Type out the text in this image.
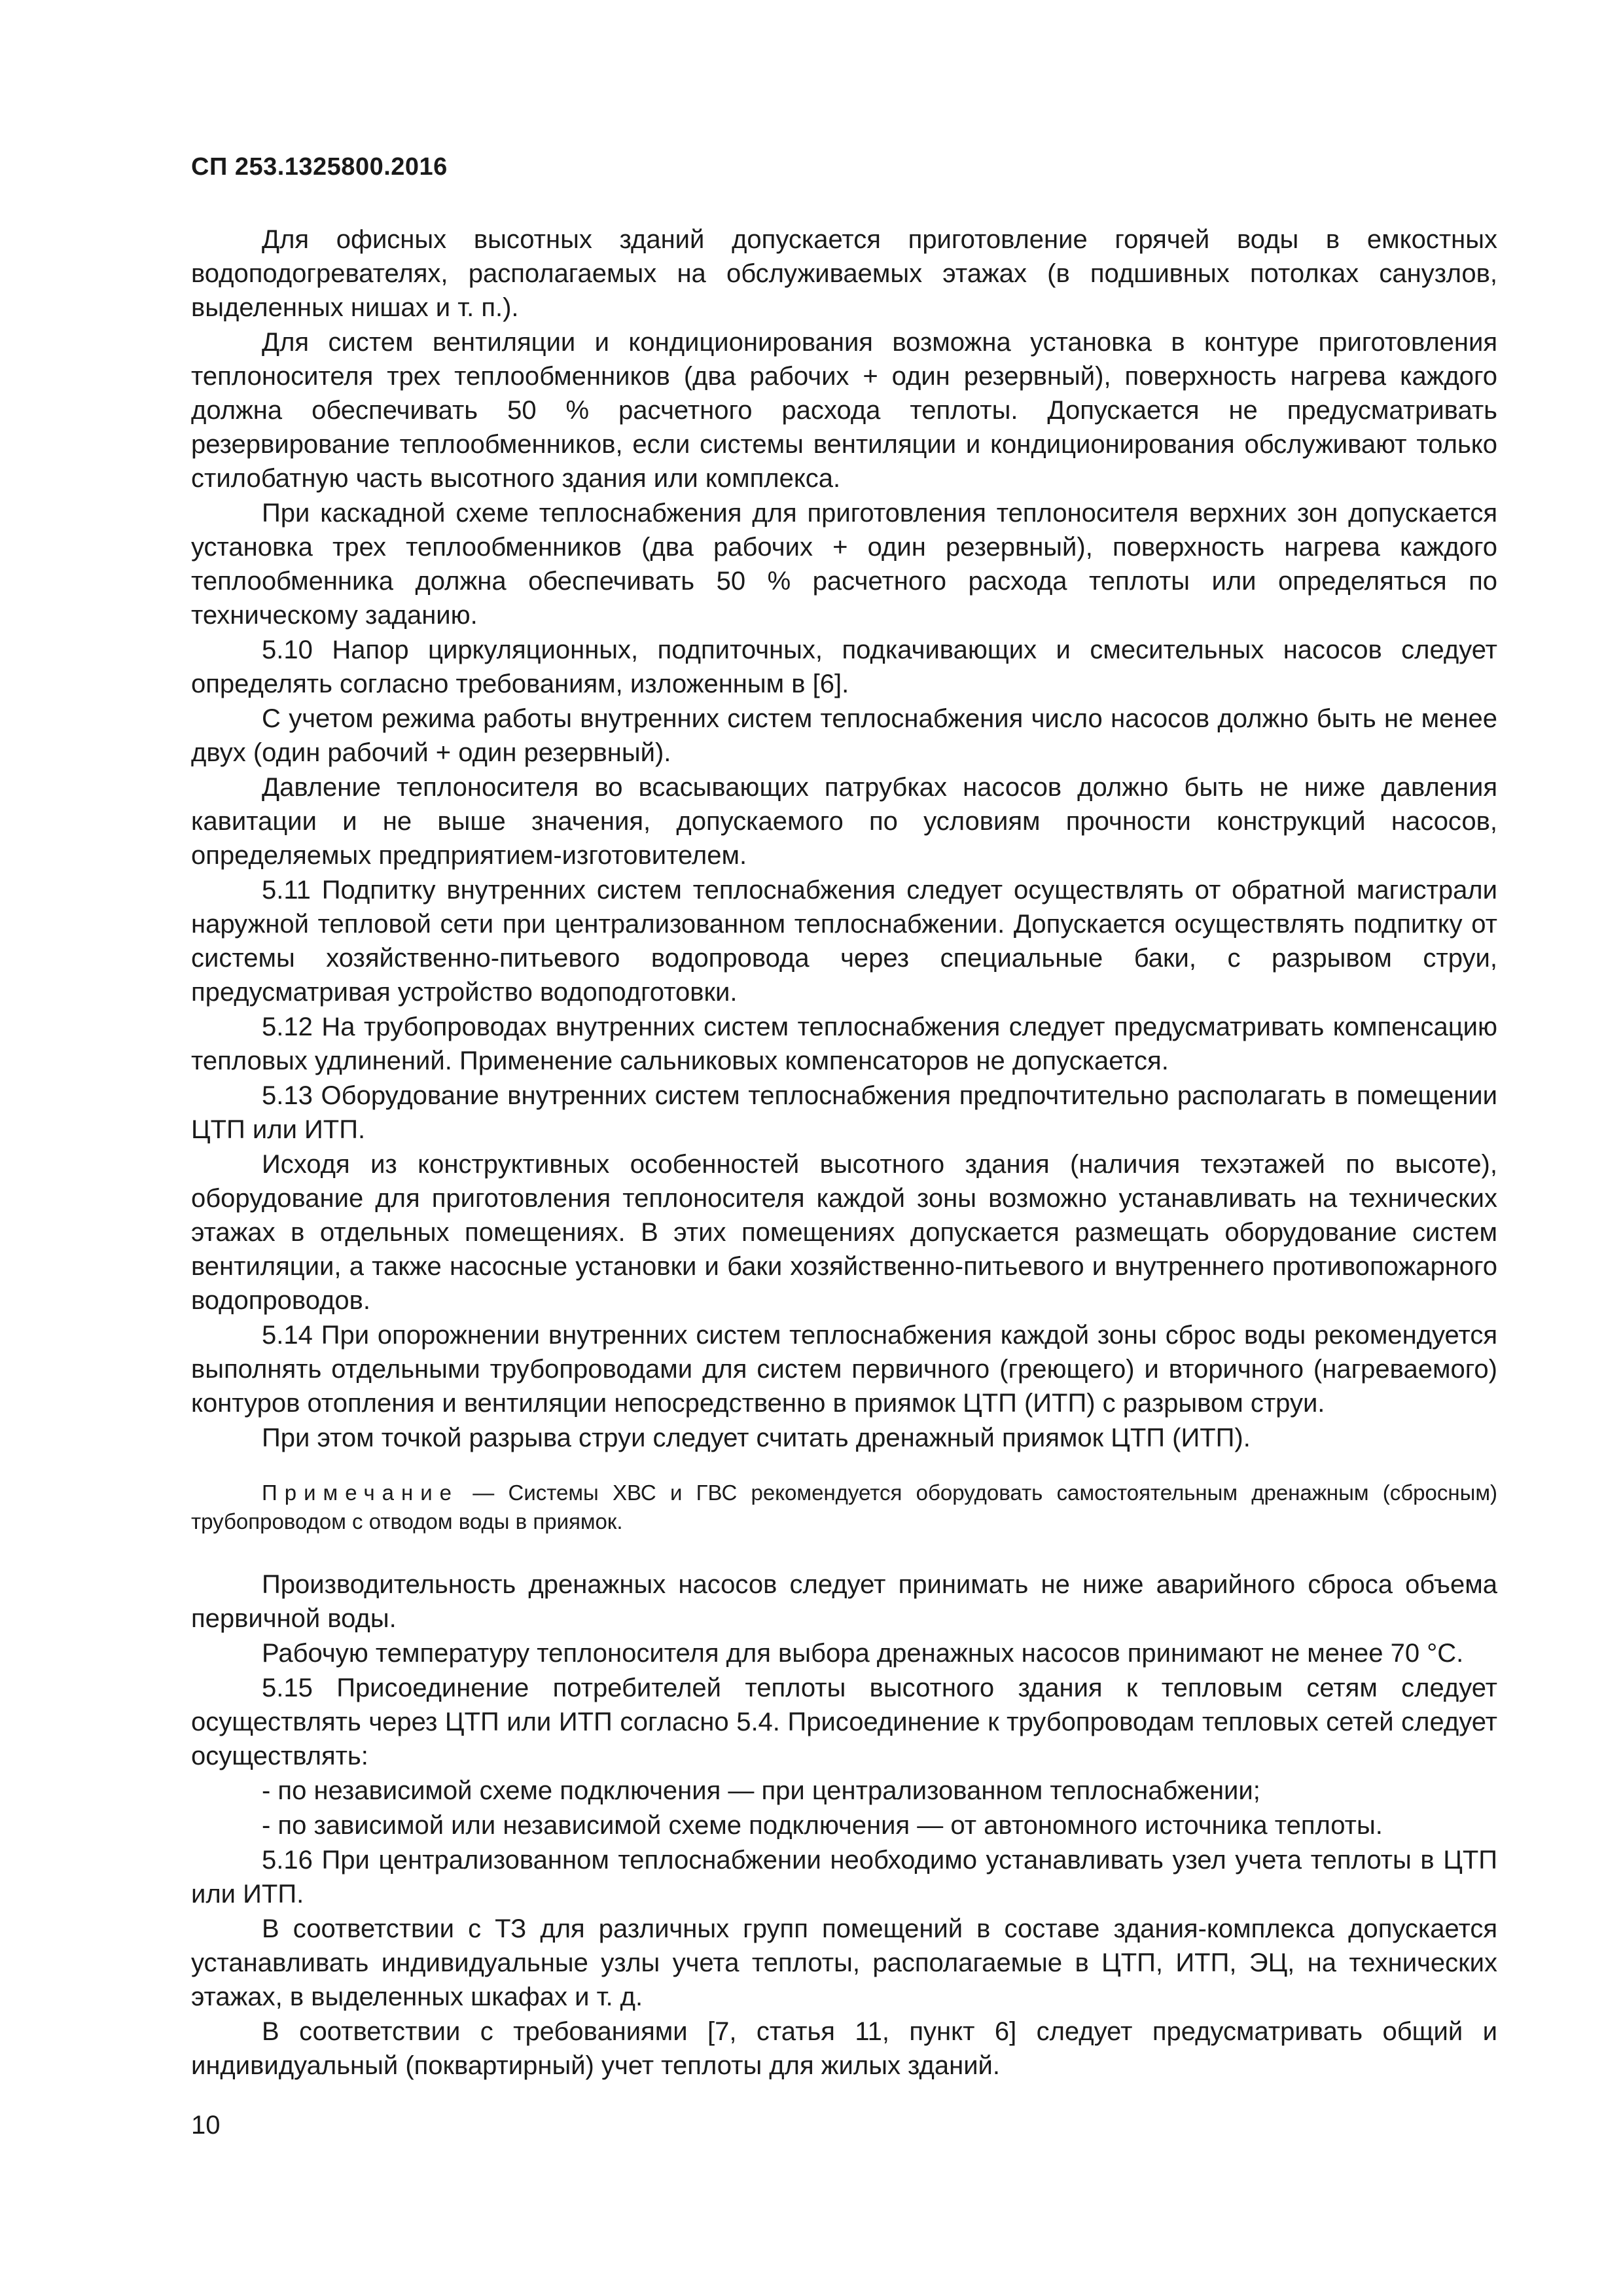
СП 253.1325800.2016

Для офисных высотных зданий допускается приготовление горячей воды в емкостных водоподогревателях, располагаемых на обслуживаемых этажах (в подшивных потолках санузлов, выделенных нишах и т. п.).

Для систем вентиляции и кондиционирования возможна установка в контуре приготовления теплоносителя трех теплообменников (два рабочих + один резервный), поверхность нагрева каждого должна обеспечивать 50 % расчетного расхода теплоты. Допускается не предусматривать резервирование теплообменников, если системы вентиляции и кондиционирования обслуживают только стилобатную часть высотного здания или комплекса.

При каскадной схеме теплоснабжения для приготовления теплоносителя верхних зон допускается установка трех теплообменников (два рабочих + один резервный), поверхность нагрева каждого теплообменника должна обеспечивать 50 % расчетного расхода теплоты или определяться по техническому заданию.

5.10 Напор циркуляционных, подпиточных, подкачивающих и смесительных насосов следует определять согласно требованиям, изложенным в [6].

С учетом режима работы внутренних систем теплоснабжения число насосов должно быть не менее двух (один рабочий + один резервный).

Давление теплоносителя во всасывающих патрубках насосов должно быть не ниже давления кавитации и не выше значения, допускаемого по условиям прочности конструкций насосов, определяемых предприятием-изготовителем.

5.11 Подпитку внутренних систем теплоснабжения следует осуществлять от обратной магистрали наружной тепловой сети при централизованном теплоснабжении. Допускается осуществлять подпитку от системы хозяйственно-питьевого водопровода через специальные баки, с разрывом струи, предусматривая устройство водоподготовки.

5.12 На трубопроводах внутренних систем теплоснабжения следует предусматривать компенсацию тепловых удлинений. Применение сальниковых компенсаторов не допускается.

5.13 Оборудование внутренних систем теплоснабжения предпочтительно располагать в помещении ЦТП или ИТП.

Исходя из конструктивных особенностей высотного здания (наличия техэтажей по высоте), оборудование для приготовления теплоносителя каждой зоны возможно устанавливать на технических этажах в отдельных помещениях. В этих помещениях допускается размещать оборудование систем вентиляции, а также насосные установки и баки хозяйственно-питьевого и внутреннего противопожарного водопроводов.

5.14 При опорожнении внутренних систем теплоснабжения каждой зоны сброс воды рекомендуется выполнять отдельными трубопроводами для систем первичного (греющего) и вторичного (нагреваемого) контуров отопления и вентиляции непосредственно в приямок ЦТП (ИТП) с разрывом струи.

При этом точкой разрыва струи следует считать дренажный приямок ЦТП (ИТП).

Примечание — Системы ХВС и ГВС рекомендуется оборудовать самостоятельным дренажным (сбросным) трубопроводом с отводом воды в приямок.

Производительность дренажных насосов следует принимать не ниже аварийного сброса объема первичной воды.

Рабочую температуру теплоносителя для выбора дренажных насосов принимают не менее 70 °С.

5.15 Присоединение потребителей теплоты высотного здания к тепловым сетям следует осуществлять через ЦТП или ИТП согласно 5.4. Присоединение к трубопроводам тепловых сетей следует осуществлять:

- по независимой схеме подключения — при централизованном теплоснабжении;

- по зависимой или независимой схеме подключения — от автономного источника теплоты.

5.16 При централизованном теплоснабжении необходимо устанавливать узел учета теплоты в ЦТП или ИТП.

В соответствии с ТЗ для различных групп помещений в составе здания-комплекса допускается устанавливать индивидуальные узлы учета теплоты, располагаемые в ЦТП, ИТП, ЭЦ, на технических этажах, в выделенных шкафах и т. д.

В соответствии с требованиями [7, статья 11, пункт 6] следует предусматривать общий и индивидуальный (поквартирный) учет теплоты для жилых зданий.

10
